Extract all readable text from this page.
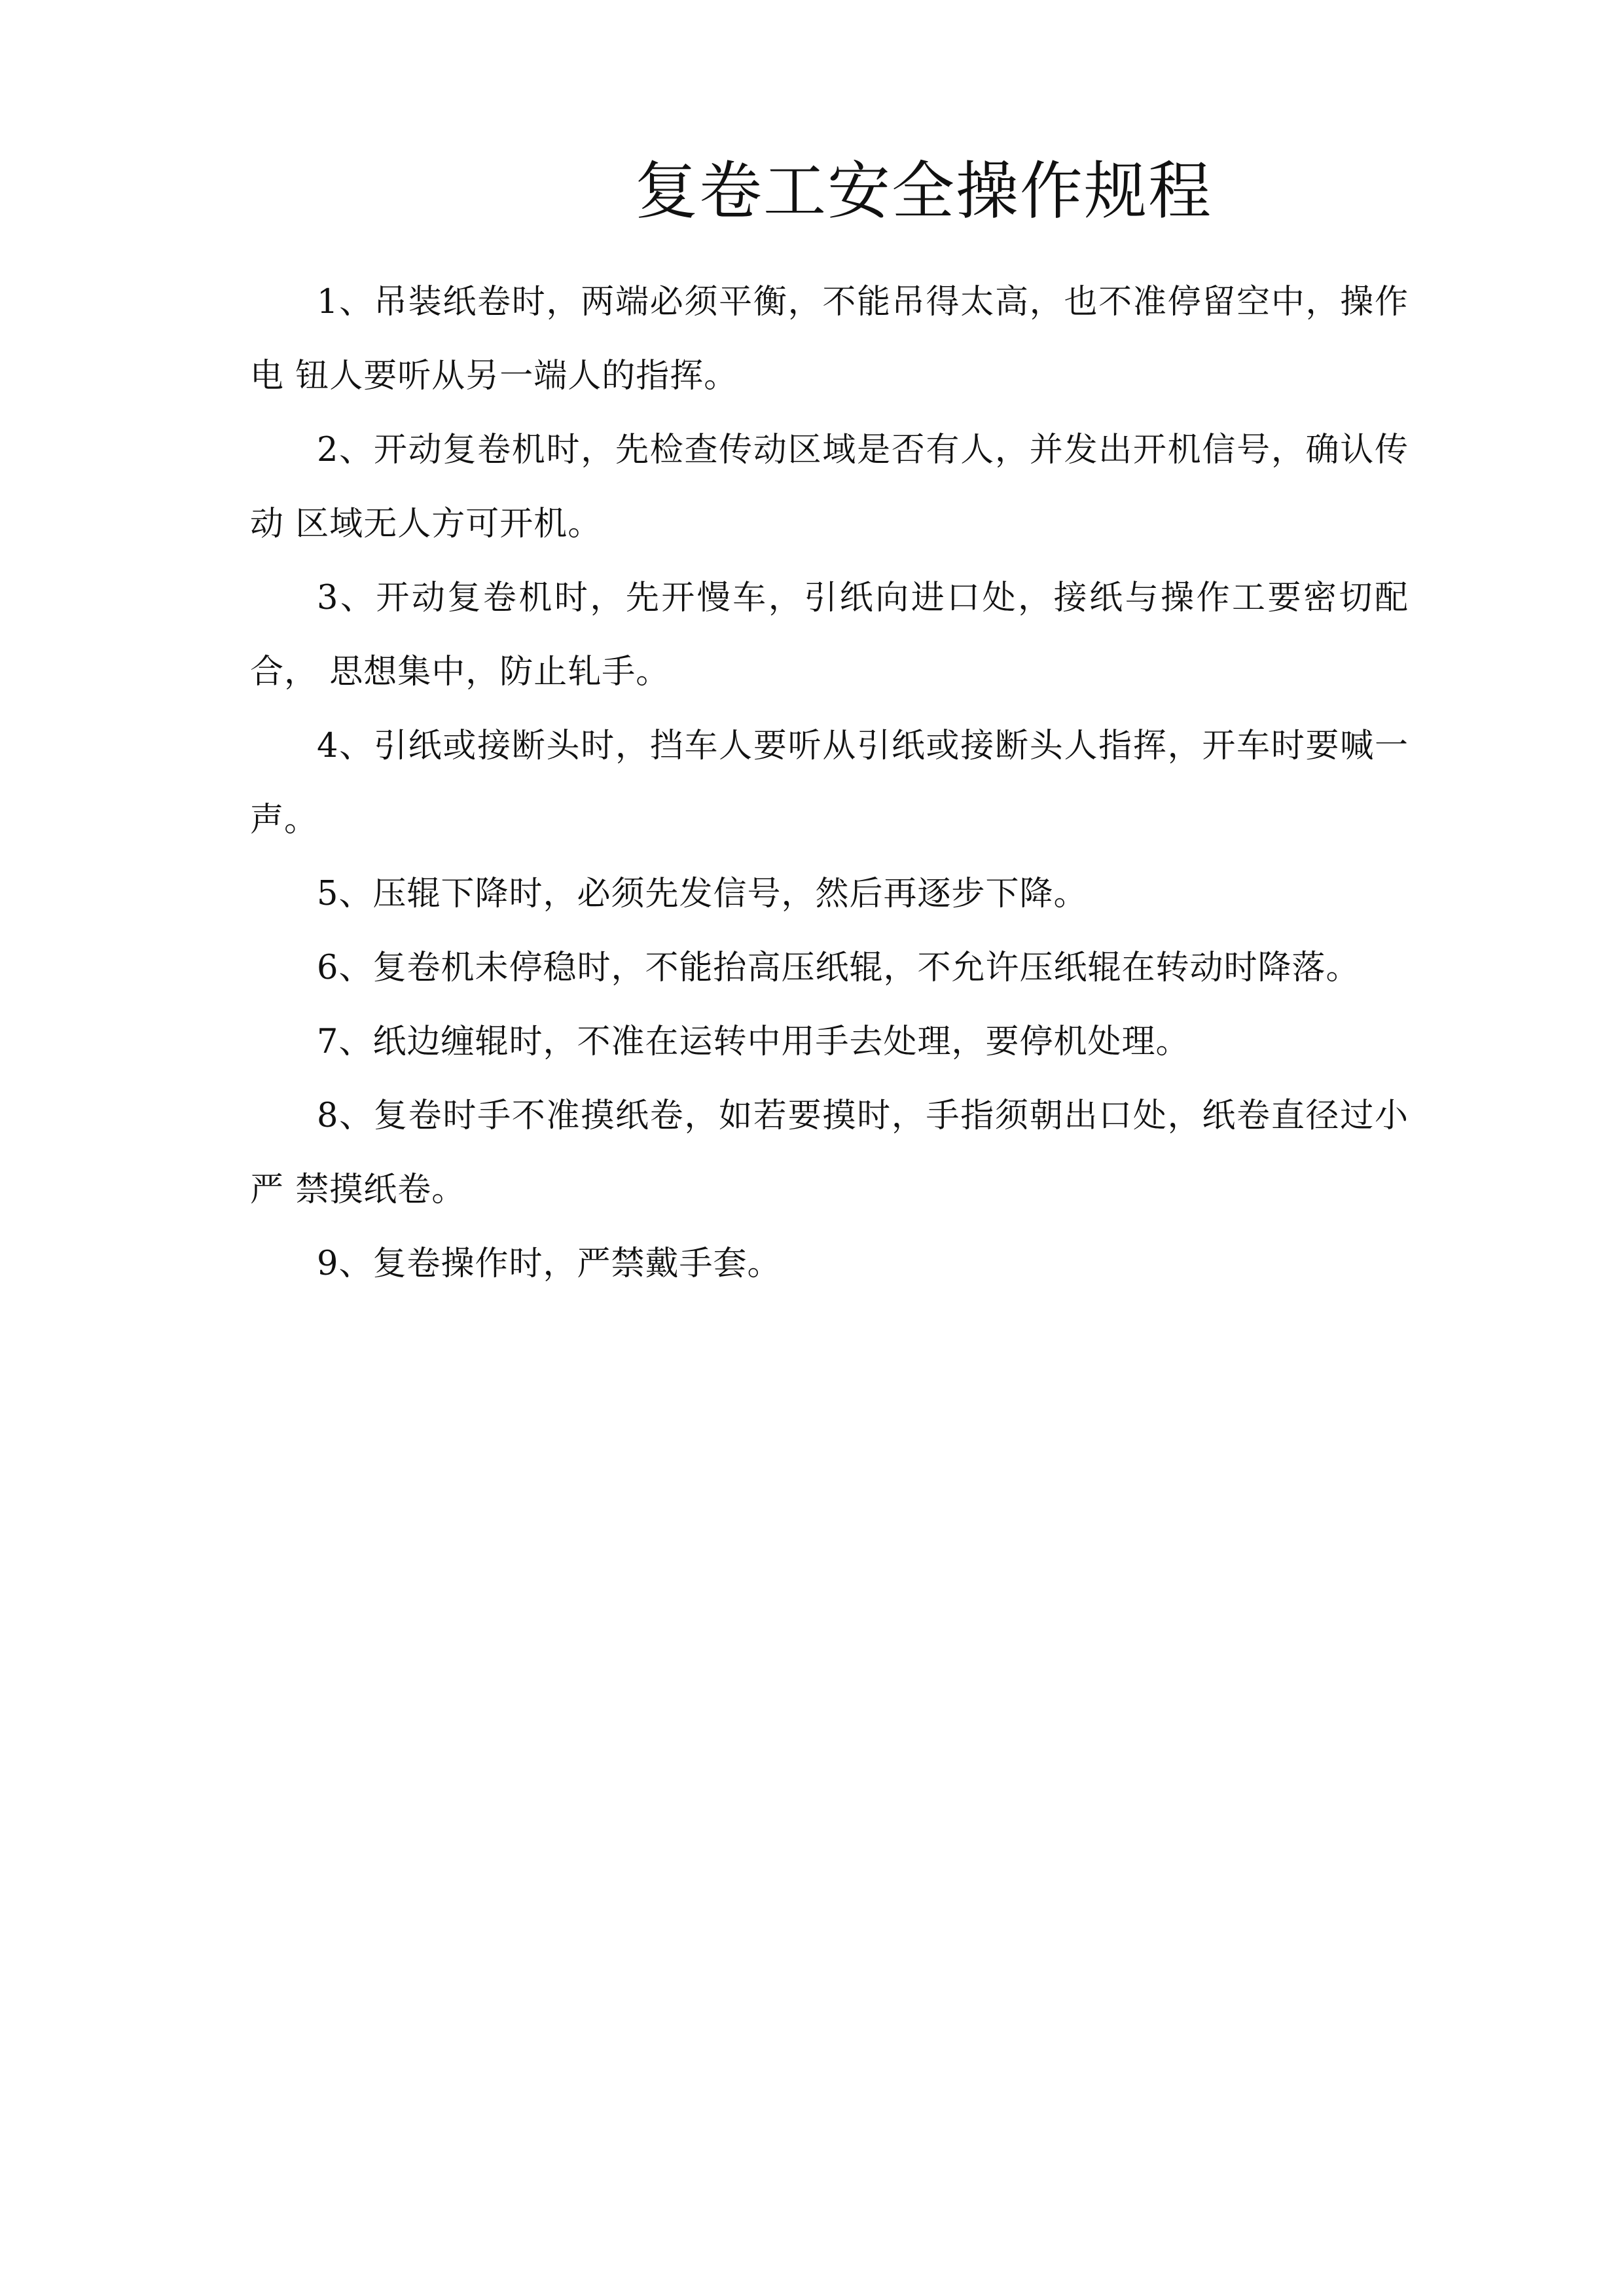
复卷工安全操作规程

1、吊装纸卷时，两端必须平衡，不能吊得太高，也不准停留空中，操作电 钮人要听从另一端人的指挥。

2、开动复卷机时，先检查传动区域是否有人，并发出开机信号，确认传动 区域无人方可开机。

3、开动复卷机时，先开慢车，引纸向进口处，接纸与操作工要密切配合， 思想集中，防止轧手。

4、引纸或接断头时，挡车人要听从引纸或接断头人指挥，开车时要喊一声。

5、压辊下降时，必须先发信号，然后再逐步下降。

6、复卷机未停稳时，不能抬高压纸辊，不允许压纸辊在转动时降落。

7、纸边缠辊时，不准在运转中用手去处理，要停机处理。

8、复卷时手不准摸纸卷，如若要摸时，手指须朝出口处，纸卷直径过小严 禁摸纸卷。

9、复卷操作时，严禁戴手套。
